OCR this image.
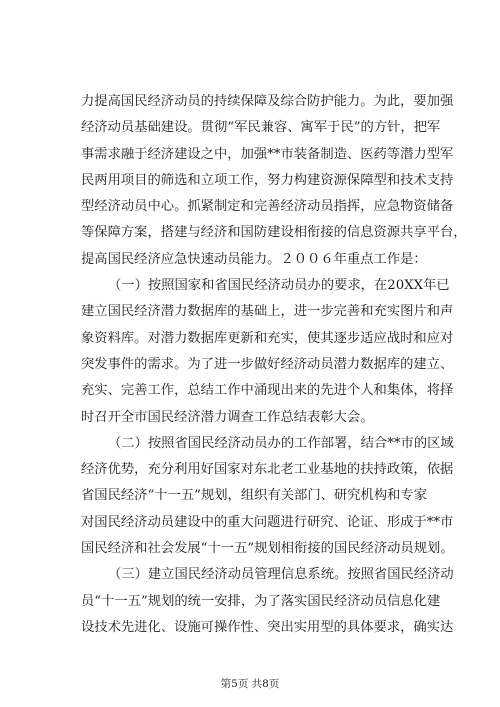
力提高国民经济动员的持续保障及综合防护能力。为此，要加强
经济动员基础建设。贯彻“军民兼容、寓军于民”的方针，把军
事需求融于经济建设之中，加强**市装备制造、医药等潜力型军
民两用项目的筛选和立项工作，努力构建资源保障型和技术支持
型经济动员中心。抓紧制定和完善经济动员指挥，应急物资储备
等保障方案，搭建与经济和国防建设相衔接的信息资源共享平台，
提高国民经济应急快速动员能力。２００６年重点工作是：
（一）按照国家和省国民经济动员办的要求，在20XX年已
建立国民经济潜力数据库的基础上，进一步完善和充实图片和声
象资料库。对潜力数据库更新和充实，使其逐步适应战时和应对
突发事件的需求。为了进一步做好经济动员潜力数据库的建立、
充实、完善工作，总结工作中涌现出来的先进个人和集体，将择
时召开全市国民经济潜力调查工作总结表彰大会。
（二）按照省国民经济动员办的工作部署，结合**市的区域
经济优势，充分利用好国家对东北老工业基地的扶持政策，依据
省国民经济“十一五”规划，组织有关部门、研究机构和专家
对国民经济动员建设中的重大问题进行研究、论证、形成于**市
国民经济和社会发展“十一五”规划相衔接的国民经济动员规划。
（三）建立国民经济动员管理信息系统。按照省国民经济动
员“十一五”规划的统一安排，为了落实国民经济动员信息化建
设技术先进化、设施可操作性、突出实用型的具体要求，确实达
第5页 共8页
